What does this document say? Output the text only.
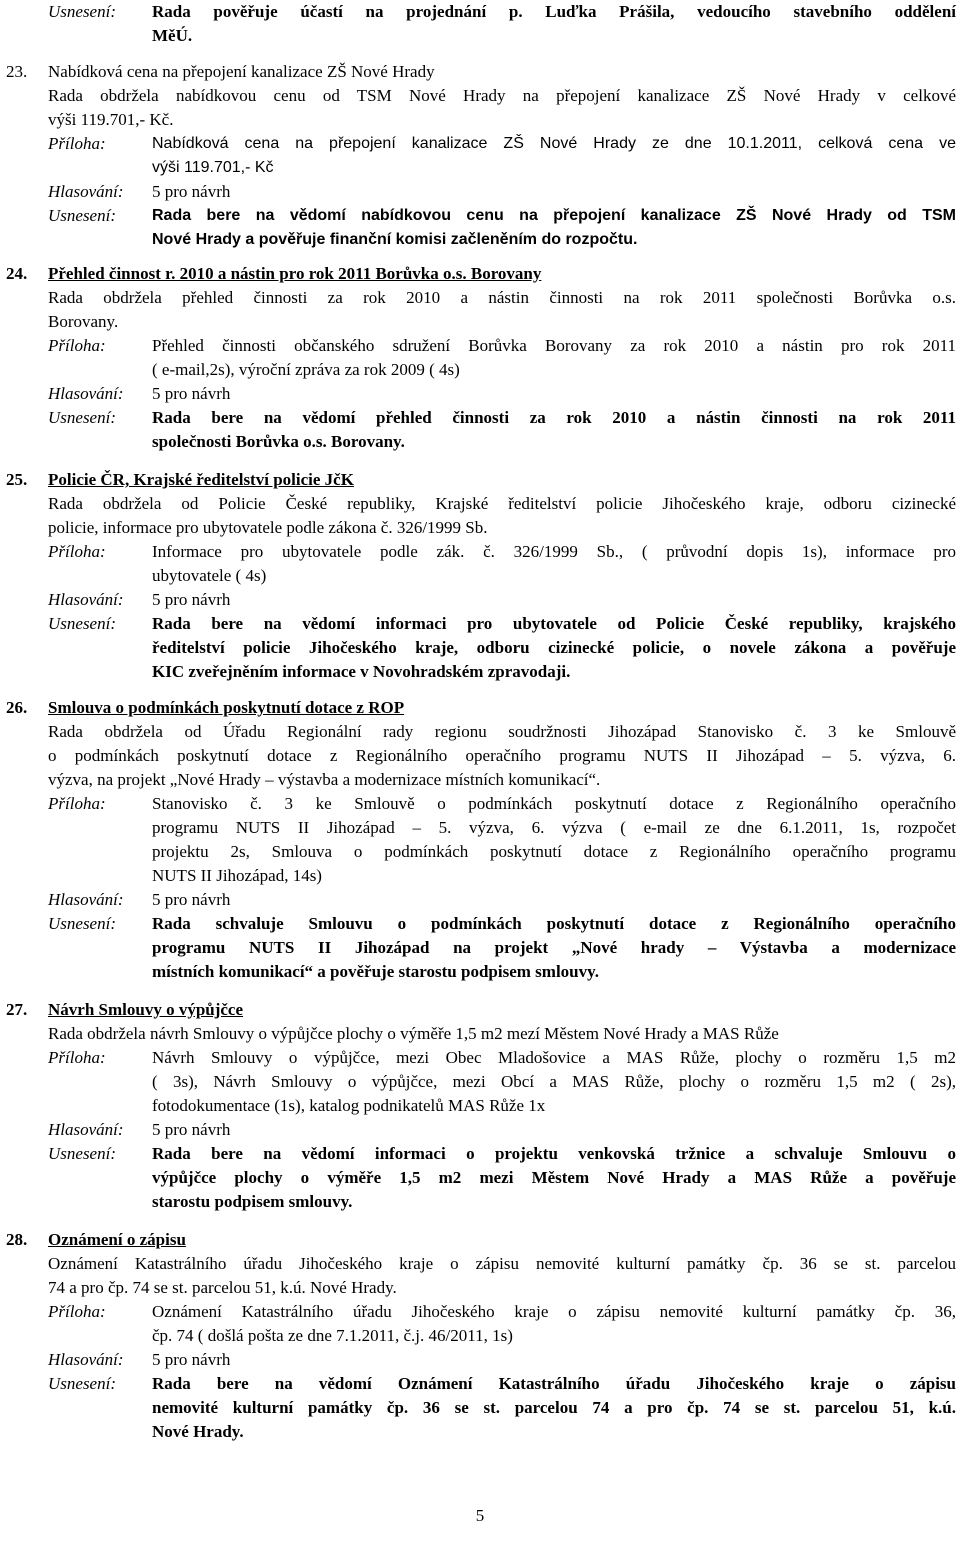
Usnesení:	Rada pověřuje účastí na projednání p. Luďka Prášila, vedoucího stavebního oddělení
MěÚ.
23.	Nabídková cena na přepojení kanalizace ZŠ Nové Hrady
Rada obdržela nabídkovou cenu od TSM Nové Hrady na přepojení kanalizace ZŠ Nové Hrady v celkové
výši 119.701,- Kč.
Příloha:	Nabídková cena na přepojení kanalizace ZŠ Nové Hrady ze dne 10.1.2011, celková cena ve
výši 119.701,- Kč
Hlasování:	5 pro návrh
Usnesení:	Rada bere na vědomí nabídkovou cenu na přepojení kanalizace ZŠ Nové Hrady od TSM
Nové Hrady a pověřuje finanční komisi začleněním do rozpočtu.
24.	Přehled činnost r. 2010 a nástin pro rok 2011 Borůvka o.s. Borovany
Rada obdržela přehled činnosti za rok 2010 a nástin činnosti na rok 2011 společnosti Borůvka o.s.
Borovany.
Příloha:	Přehled činnosti občanského sdružení Borůvka Borovany za rok 2010 a nástin pro rok 2011
( e-mail,2s), výroční zpráva za rok 2009 ( 4s)
Hlasování:	5 pro návrh
Usnesení:	Rada bere na vědomí přehled činnosti za rok 2010 a nástin činnosti na rok 2011
společnosti Borůvka o.s. Borovany.
25.	Policie ČR, Krajské ředitelství policie JčK
Rada obdržela od Policie České republiky, Krajské ředitelství policie Jihočeského kraje, odboru cizinecké
policie, informace pro ubytovatele podle zákona č. 326/1999 Sb.
Příloha:	Informace pro ubytovatele podle zák. č. 326/1999 Sb., ( průvodní dopis 1s), informace pro
ubytovatele ( 4s)
Hlasování:	5 pro návrh
Usnesení:	Rada bere na vědomí informaci pro ubytovatele od Policie České republiky, krajského
ředitelství policie Jihočeského kraje, odboru cizinecké policie, o novele zákona a pověřuje
KIC zveřejněním informace v Novohradském zpravodaji.
26.	Smlouva o podmínkách poskytnutí dotace z ROP
Rada obdržela od Úřadu Regionální rady regionu soudržnosti Jihozápad Stanovisko č. 3 ke Smlouvě
o podmínkách poskytnutí dotace z Regionálního operačního programu NUTS II Jihozápad – 5. výzva, 6.
výzva, na projekt „Nové Hrady – výstavba a modernizace místních komunikací“.
Příloha:	Stanovisko č. 3 ke Smlouvě o podmínkách poskytnutí dotace z Regionálního operačního
programu NUTS II Jihozápad – 5. výzva, 6. výzva ( e-mail ze dne 6.1.2011, 1s, rozpočet
projektu 2s, Smlouva o podmínkách poskytnutí dotace z Regionálního operačního programu
NUTS II Jihozápad, 14s)
Hlasování:	5 pro návrh
Usnesení:	Rada schvaluje Smlouvu o podmínkách poskytnutí dotace z Regionálního operačního
programu NUTS II Jihozápad na projekt „Nové hrady – Výstavba a modernizace
místních komunikací“ a pověřuje starostu podpisem smlouvy.
27.	Návrh Smlouvy o výpůjčce
Rada obdržela návrh Smlouvy o výpůjčce plochy o výměře 1,5 m2 mezí Městem Nové Hrady a MAS Růže
Příloha:	Návrh Smlouvy o výpůjčce, mezi Obec Mladošovice a MAS Růže, plochy o rozměru 1,5 m2
( 3s), Návrh Smlouvy o výpůjčce, mezi Obcí a MAS Růže, plochy o rozměru 1,5 m2 ( 2s),
fotodokumentace (1s), katalog podnikatelů MAS Růže 1x
Hlasování:	5 pro návrh
Usnesení:	Rada bere na vědomí informaci o projektu venkovská tržnice a schvaluje Smlouvu o
výpůjčce plochy o výměře 1,5 m2 mezi Městem Nové Hrady a MAS Růže a pověřuje
starostu podpisem smlouvy.
28.	Oznámení o zápisu
Oznámení Katastrálního úřadu Jihočeského kraje o zápisu nemovité kulturní památky čp. 36 se st. parcelou
74 a pro čp. 74 se st. parcelou 51, k.ú. Nové Hrady.
Příloha:	Oznámení Katastrálního úřadu Jihočeského kraje o zápisu nemovité kulturní památky čp. 36,
čp. 74 ( došlá pošta ze dne 7.1.2011, č.j. 46/2011, 1s)
Hlasování:	5 pro návrh
Usnesení:	Rada bere na vědomí Oznámení Katastrálního úřadu Jihočeského kraje o zápisu
nemovité kulturní památky čp. 36 se st. parcelou 74 a pro čp. 74 se st. parcelou 51, k.ú.
Nové Hrady.
5
